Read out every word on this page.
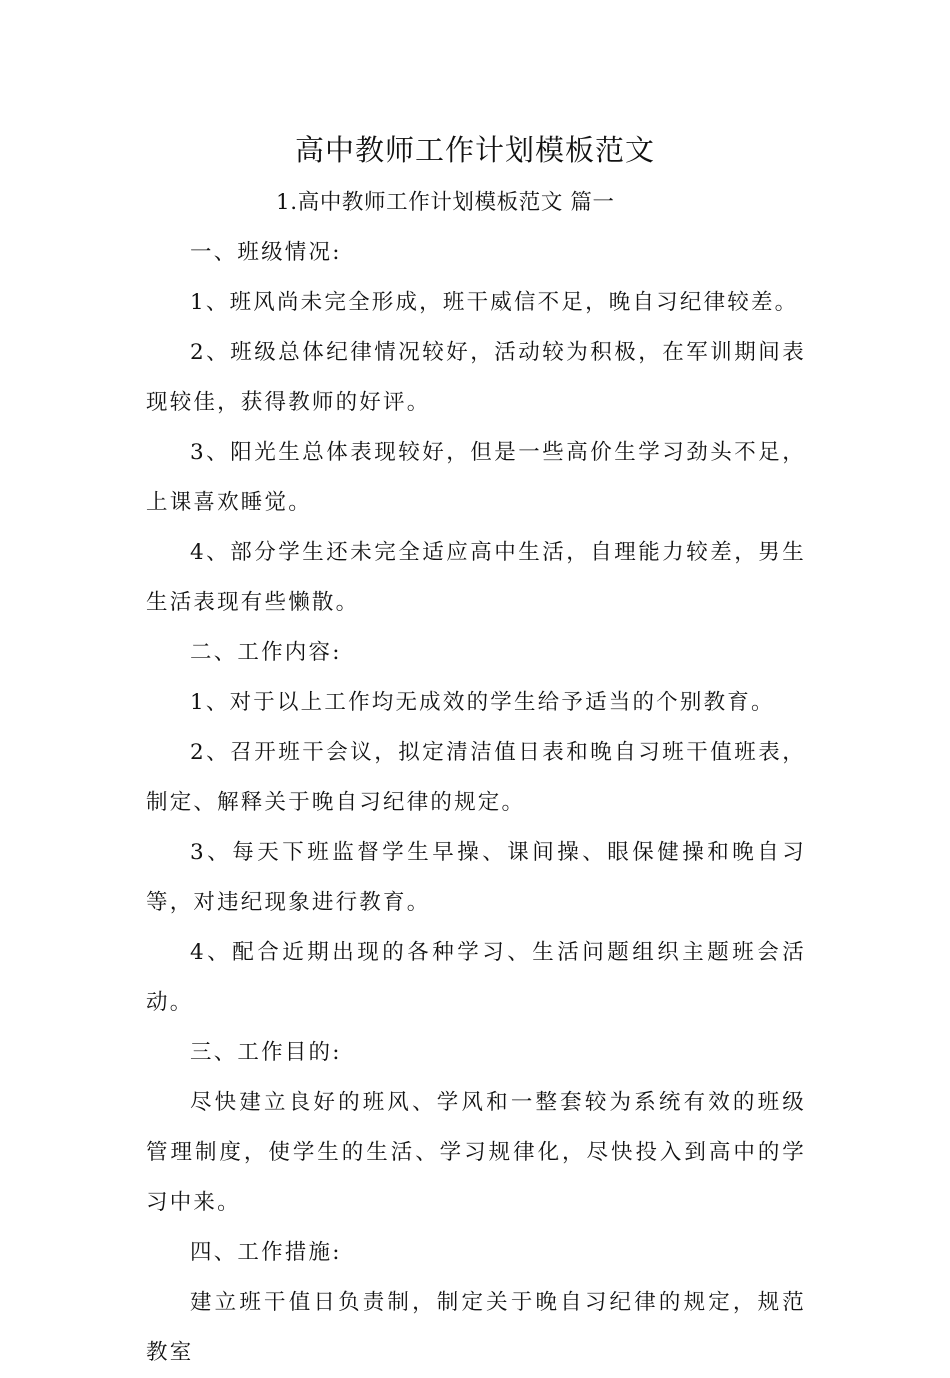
高中教师工作计划模板范文

1.高中教师工作计划模板范文 篇一

一、班级情况:

1、班风尚未完全形成，班干威信不足，晚自习纪律较差。

2、班级总体纪律情况较好，活动较为积极，在军训期间表现较佳，获得教师的好评。

3、阳光生总体表现较好，但是一些高价生学习劲头不足，上课喜欢睡觉。

4、部分学生还未完全适应高中生活，自理能力较差，男生生活表现有些懒散。

二、工作内容:

1、对于以上工作均无成效的学生给予适当的个别教育。

2、召开班干会议，拟定清洁值日表和晚自习班干值班表，制定、解释关于晚自习纪律的规定。

3、每天下班监督学生早操、课间操、眼保健操和晚自习等，对违纪现象进行教育。

4、配合近期出现的各种学习、生活问题组织主题班会活动。

三、工作目的:

尽快建立良好的班风、学风和一整套较为系统有效的班级管理制度，使学生的生活、学习规律化，尽快投入到高中的学习中来。

四、工作措施:

建立班干值日负责制，制定关于晚自习纪律的规定，规范教室
